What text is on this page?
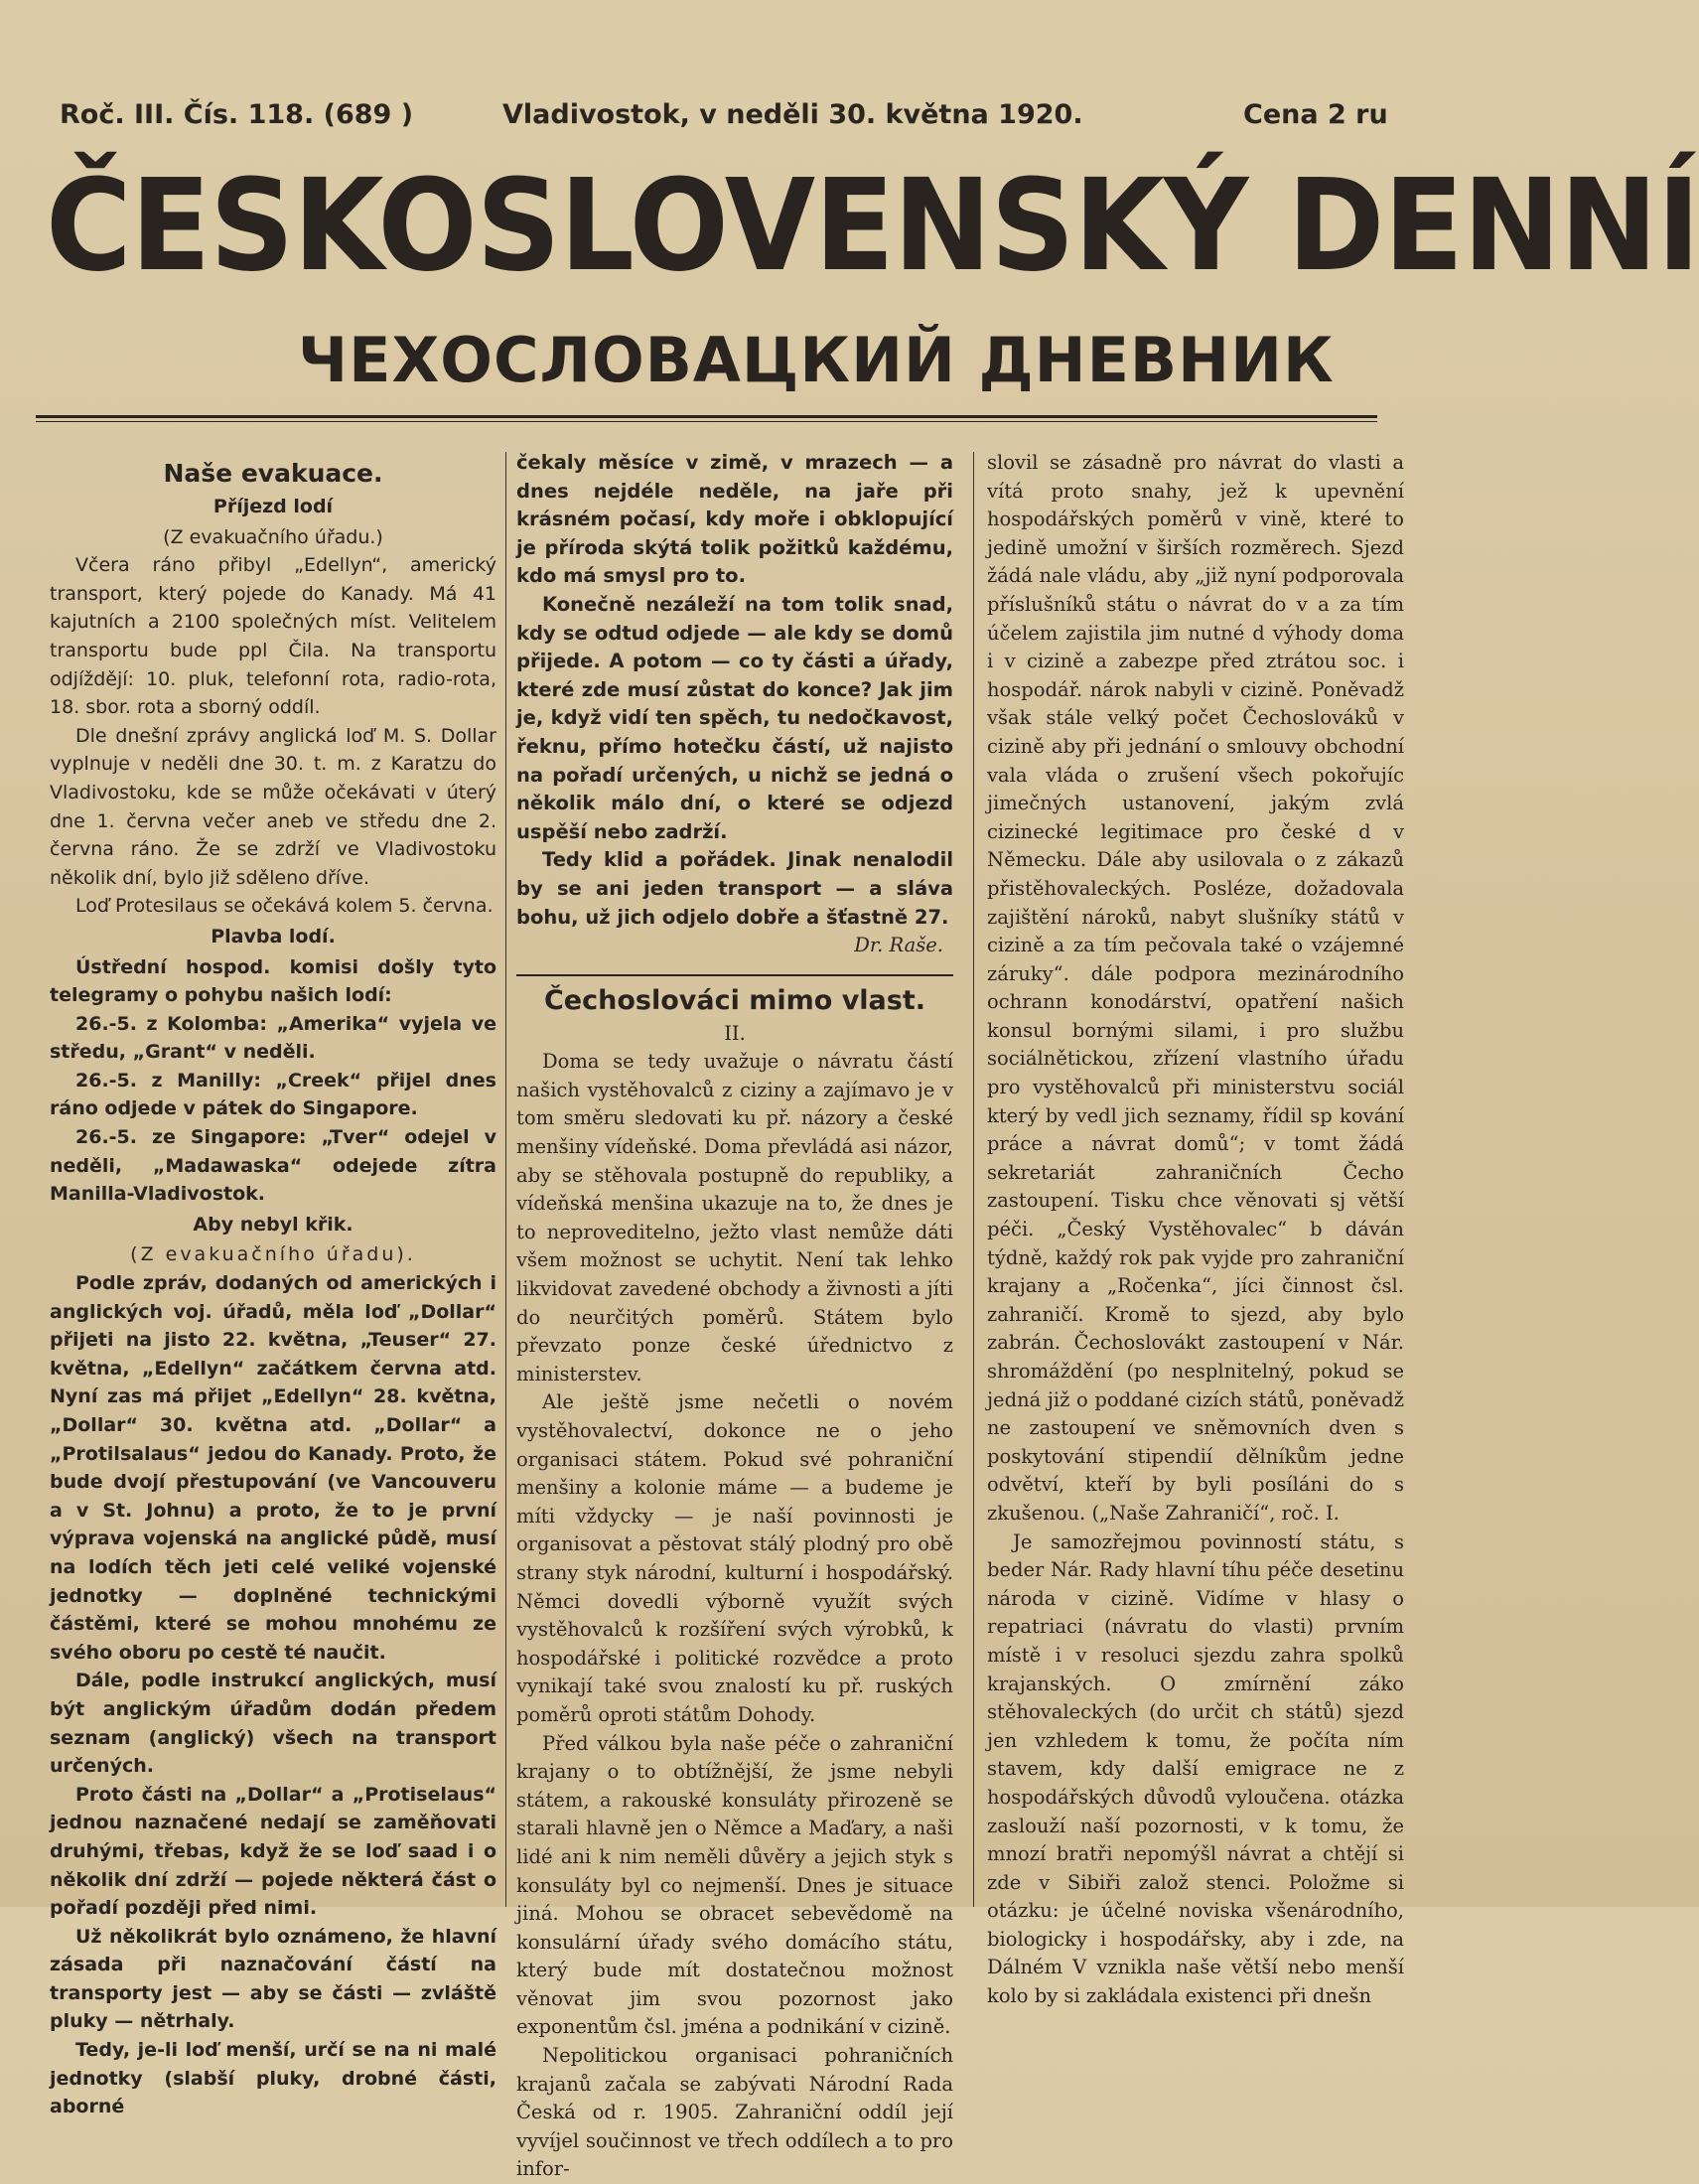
Roč. III. Čís. 118. (689 )	Vladivostok, v neděli 30. května 1920.	Cena 2 ru
ČESKOSLOVENSKÝ DENNÍ
ЧЕХОСЛОВАЦКИЙ ДНЕВНИК
Naše evakuace.
Příjezd lodí
(Z evakuačního úřadu.)

Včera ráno přibyl „Edellyn“, americký transport, který pojede do Kanady. Má 41 kajutních a 2100 společných míst. Velitelem transportu bude ppl Čila. Na transportu odjíždějí: 10. pluk, telefonní rota, radio-rota, 18. sbor. rota a sborný oddíl.

Dle dnešní zprávy anglická loď M. S. Dollar vyplnuje v neděli dne 30. t. m. z Karatzu do Vladivostoku, kde se může očekávati v úterý dne 1. června večer aneb ve středu dne 2. června ráno. Že se zdrží ve Vladivostoku několik dní, bylo již sděleno dříve.

Loď Protesilaus se očekává kolem 5. června.

Plavba lodí.

Ústřední hospod. komisi došly tyto telegramy o pohybu našich lodí:

26.-5. z Kolomba: „Amerika“ vyjela ve středu, „Grant“ v neděli.

26.-5. z Manilly: „Creek“ přijel dnes ráno odjede v pátek do Singapore.

26.-5. ze Singapore: „Tver“ odejel v neděli, „Madawaska“ odejede zítra Manilla-Vladivostok.

Aby nebyl křik.
(Z evakuačního úřadu).

Podle zpráv, dodaných od amerických i anglických voj. úřadů, měla loď „Dollar“ přijeti na jisto 22. května, „Teuser“ 27. května, „Edellyn“ začátkem června atd. Nyní zas má přijet „Edellyn“ 28. května, „Dollar“ 30. května atd. „Dollar“ a „Protilsalaus“ jedou do Kanady. Proto, že bude dvojí přestupování (ve Vancouveru a v St. Johnu) a proto, že to je první výprava vojenská na anglické půdě, musí na lodích těch jeti celé veliké vojenské jednotky — doplněné technickými částěmi, které se mohou mnohému ze svého oboru po cestě té naučit.

Dále, podle instrukcí anglických, musí být anglickým úřadům dodán předem seznam (anglický) všech na transport určených.

Proto části na „Dollar“ a „Protiselaus“ jednou naznačené nedají se zaměňovati druhými, třebas, když že se loď saad i o několik dní zdrží — pojede některá část o pořadí později před nimi.

Už několikrát bylo oznámeno, že hlavní zásada při naznačování částí na transporty jest — aby se části — zvláště pluky — nětrhaly.

Tedy, je-li loď menší, určí se na ni malé jednotky (slabší pluky, drobné části, aborné

čekaly měsíce v zimě, v mrazech — a dnes nejdéle neděle, na jaře při krásném počasí, kdy moře i obklopující je příroda skýtá tolik požitků každému, kdo má smysl pro to.

Konečně nezáleží na tom tolik snad, kdy se odtud odjede — ale kdy se domů přijede. A potom — co ty části a úřady, které zde musí zůstat do konce? Jak jim je, když vidí ten spěch, tu nedočkavost, řeknu, přímo hotečku částí, už najisto na pořadí určených, u nichž se jedná o několik málo dní, o které se odjezd uspěší nebo zadrží.

Tedy klid a pořádek. Jinak nenalodil by se ani jeden transport — a sláva bohu, už jich odjelo dobře a šťastně 27.

Dr. Raše.
Čechoslováci mimo vlast.
II.

Doma se tedy uvažuje o návratu částí našich vystěhovalců z ciziny a zajímavo je v tom směru sledovati ku př. názory a české menšiny vídeňské. Doma převládá asi názor, aby se stěhovala postupně do republiky, a vídeňská menšina ukazuje na to, že dnes je to neproveditelno, ježto vlast nemůže dáti všem možnost se uchytit. Není tak lehko likvidovat zavedené obchody a živnosti a jíti do neurčitých poměrů. Státem bylo převzato ponze české úřednictvo z ministerstev.

Ale ještě jsme nečetli o novém vystěhovalectví, dokonce ne o jeho organisaci státem. Pokud své pohraniční menšiny a kolonie máme — a budeme je míti vždycky — je naší povinnosti je organisovat a pěstovat stálý plodný pro obě strany styk národní, kulturní i hospodářský. Němci dovedli výborně využít svých vystěhovalců k rozšíření svých výrobků, k hospodářské i politické rozvědce a proto vynikají také svou znalostí ku př. ruských poměrů oproti státům Dohody.

Před válkou byla naše péče o zahraniční krajany o to obtížnější, že jsme nebyli státem, a rakouské konsuláty přirozeně se starali hlavně jen o Němce a Maďary, a naši lidé ani k nim neměli důvěry a jejich styk s konsuláty byl co nejmenší. Dnes je situace jiná. Mohou se obracet sebevědomě na konsulární úřady svého domácího státu, který bude mít dostatečnou možnost věnovat jim svou pozornost jako exponentům čsl. jména a podnikání v cizině.

Nepolitickou organisaci pohraničních krajanů začala se zabývati Národní Rada Česká od r. 1905. Zahraniční oddíl její vyvíjel součinnost ve třech oddílech a to pro infor-

slovil se zásadně pro návrat do vlasti a vítá proto snahy, jež k upevnění hospodářských poměrů v vině, které to jedině umožní v širších rozměrech. Sjezd žádá nale vládu, aby „již nyní podporovala příslušníků státu o návrat do v a za tím účelem zajistila jim nutné d výhody doma i v cizině a zabezpe před ztrátou soc. i hospodář. nárok nabyli v cizině. Poněvadž však stále velký počet Čechoslováků v cizině aby při jednání o smlouvy obchodní vala vláda o zrušení všech pokořujíc jimečných ustanovení, jakým zvlá cizinecké legitimace pro české d v Německu. Dále aby usilovala o z zákazů přistěhovaleckých. Posléze, dožadovala zajištění nároků, nabyt slušníky států v cizině a za tím pečovala také o vzájemné záruky“. dále podpora mezinárodního ochrann konodárství, opatření našich konsul bornými silami, i pro službu sociálnětickou, zřízení vlastního úřadu pro vystěhovalců při ministerstvu sociál který by vedl jich seznamy, řídil sp kování práce a návrat domů“; v tomt žádá sekretariát zahraničních Čecho zastoupení. Tisku chce věnovati sj větší péči. „Český Vystěhovalec“ b dáván týdně, každý rok pak vyjde pro zahraniční krajany a „Ročenka“, jíci činnost čsl. zahraničí. Kromě to sjezd, aby bylo zabrán. Čechoslovákt zastoupení v Nár. shromáždění (po nesplnitelný, pokud se jedná již o poddané cizích států, poněvadž ne zastoupení ve sněmovních dven s poskytování stipendií dělníkům jedne odvětví, kteří by byli posíláni do s zkušenou. („Naše Zahraničí“, roč. I.

Je samozřejmou povinností státu, s beder Nár. Rady hlavní tíhu péče desetinu národa v cizině. Vidíme v hlasy o repatriaci (návratu do vlasti) prvním místě i v resoluci sjezdu zahra spolků krajanských. O zmírnění záko stěhovaleckých (do určit ch států) sjezd jen vzhledem k tomu, že počíta ním stavem, kdy další emigrace ne z hospodářských důvodů vyloučena. otázka zaslouží naší pozornosti, v k tomu, že mnozí bratři nepomýšl návrat a chtějí si zde v Sibiři založ stenci. Položme si otázku: je účelné noviska všenárodního, biologicky i hospodářsky, aby i zde, na Dálném V vznikla naše větší nebo menší kolo by si zakládala existenci při dnešn
